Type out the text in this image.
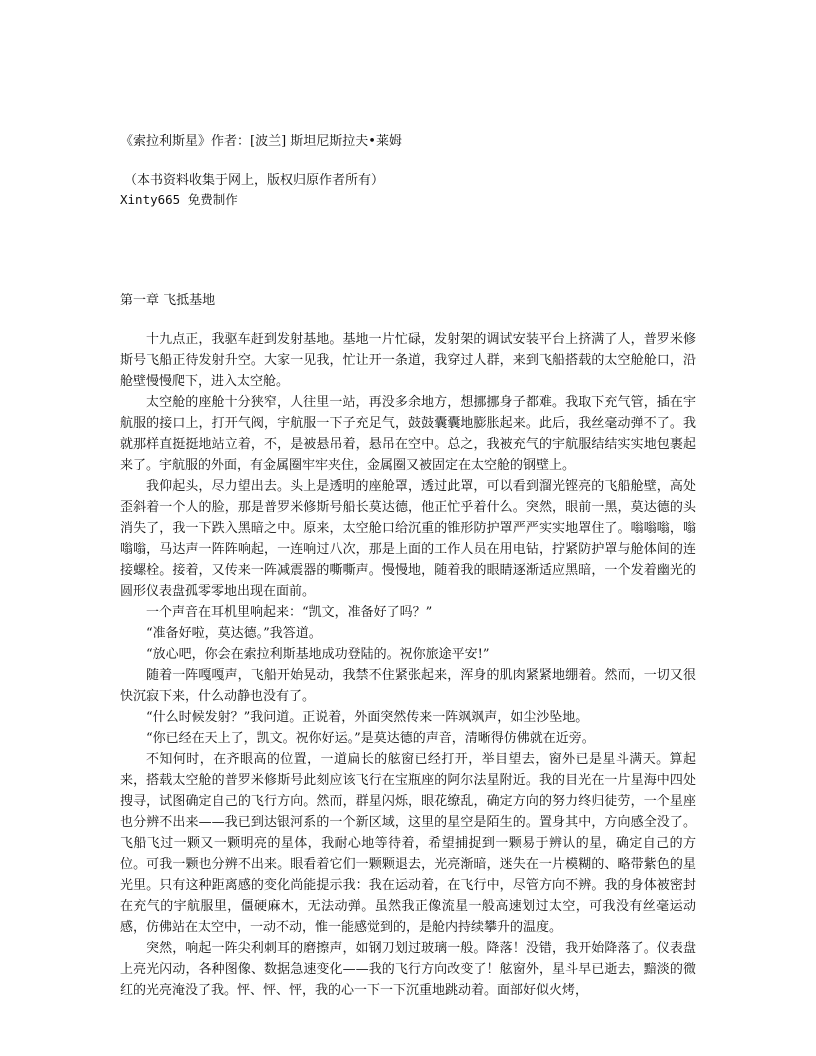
《索拉利斯星》作者：[波兰] 斯坦尼斯拉夫•莱姆
（本书资料收集于网上，版权归原作者所有）
Xinty665 免费制作
第一章 飞抵基地

十九点正，我驱车赶到发射基地。基地一片忙碌，发射架的调试安装平台上挤满了人，普罗米修斯号飞船正待发射升空。大家一见我，忙让开一条道，我穿过人群，来到飞船搭载的太空舱舱口，沿舱壁慢慢爬下，进入太空舱。

太空舱的座舱十分狭窄，人往里一站，再没多余地方，想挪挪身子都难。我取下充气管，插在宇航服的接口上，打开气阀，宇航服一下子充足气，鼓鼓囊囊地膨胀起来。此后，我丝毫动弹不了。我就那样直挺挺地站立着，不，是被悬吊着，悬吊在空中。总之，我被充气的宇航服结结实实地包裹起来了。宇航服的外面，有金属圈牢牢夹住，金属圈又被固定在太空舱的钢壁上。

我仰起头，尽力望出去。头上是透明的座舱罩，透过此罩，可以看到溜光铿亮的飞船舱壁，高处歪斜着一个人的脸，那是普罗米修斯号船长莫达德，他正忙乎着什么。突然，眼前一黑，莫达德的头消失了，我一下跌入黑暗之中。原来，太空舱口给沉重的锥形防护罩严严实实地罩住了。嗡嗡嗡，嗡嗡嗡，马达声一阵阵响起，一连响过八次，那是上面的工作人员在用电钻，拧紧防护罩与舱体间的连接螺栓。接着，又传来一阵减震器的嘶嘶声。慢慢地，随着我的眼睛逐渐适应黑暗，一个发着幽光的圆形仪表盘孤零零地出现在面前。

一个声音在耳机里响起来：“凯文，准备好了吗？”

“准备好啦，莫达德。”我答道。

“放心吧，你会在索拉利斯基地成功登陆的。祝你旅途平安!”

随着一阵嘎嘎声，飞船开始晃动，我禁不住紧张起来，浑身的肌肉紧紧地绷着。然而，一切又很快沉寂下来，什么动静也没有了。

“什么时候发射？”我问道。正说着，外面突然传来一阵飒飒声，如尘沙坠地。

“你已经在天上了，凯文。祝你好运。”是莫达德的声音，清晰得仿佛就在近旁。

不知何时，在齐眼高的位置，一道扁长的舷窗已经打开，举目望去，窗外已是星斗满天。算起来，搭载太空舱的普罗米修斯号此刻应该飞行在宝瓶座的阿尔法星附近。我的目光在一片星海中四处搜寻，试图确定自己的飞行方向。然而，群星闪烁，眼花缭乱，确定方向的努力终归徒劳，一个星座也分辨不出来——我已到达银河系的一个新区域，这里的星空是陌生的。置身其中，方向感全没了。飞船飞过一颗又一颗明亮的星体，我耐心地等待着，希望捕捉到一颗易于辨认的星，确定自己的方位。可我一颗也分辨不出来。眼看着它们一颗颗退去，光亮渐暗，迷失在一片模糊的、略带紫色的星光里。只有这种距离感的变化尚能提示我：我在运动着，在飞行中，尽管方向不辨。我的身体被密封在充气的宇航服里，僵硬麻木，无法动弹。虽然我正像流星一般高速划过太空，可我没有丝毫运动感，仿佛站在太空中，一动不动，惟一能感觉到的，是舱内持续攀升的温度。

突然，响起一阵尖利刺耳的磨擦声，如钢刀划过玻璃一般。降落！没错，我开始降落了。仪表盘上亮光闪动，各种图像、数据急速变化——我的飞行方向改变了！舷窗外，星斗早已逝去，黯淡的微红的光亮淹没了我。怦、怦、怦，我的心一下一下沉重地跳动着。面部好似火烤，
